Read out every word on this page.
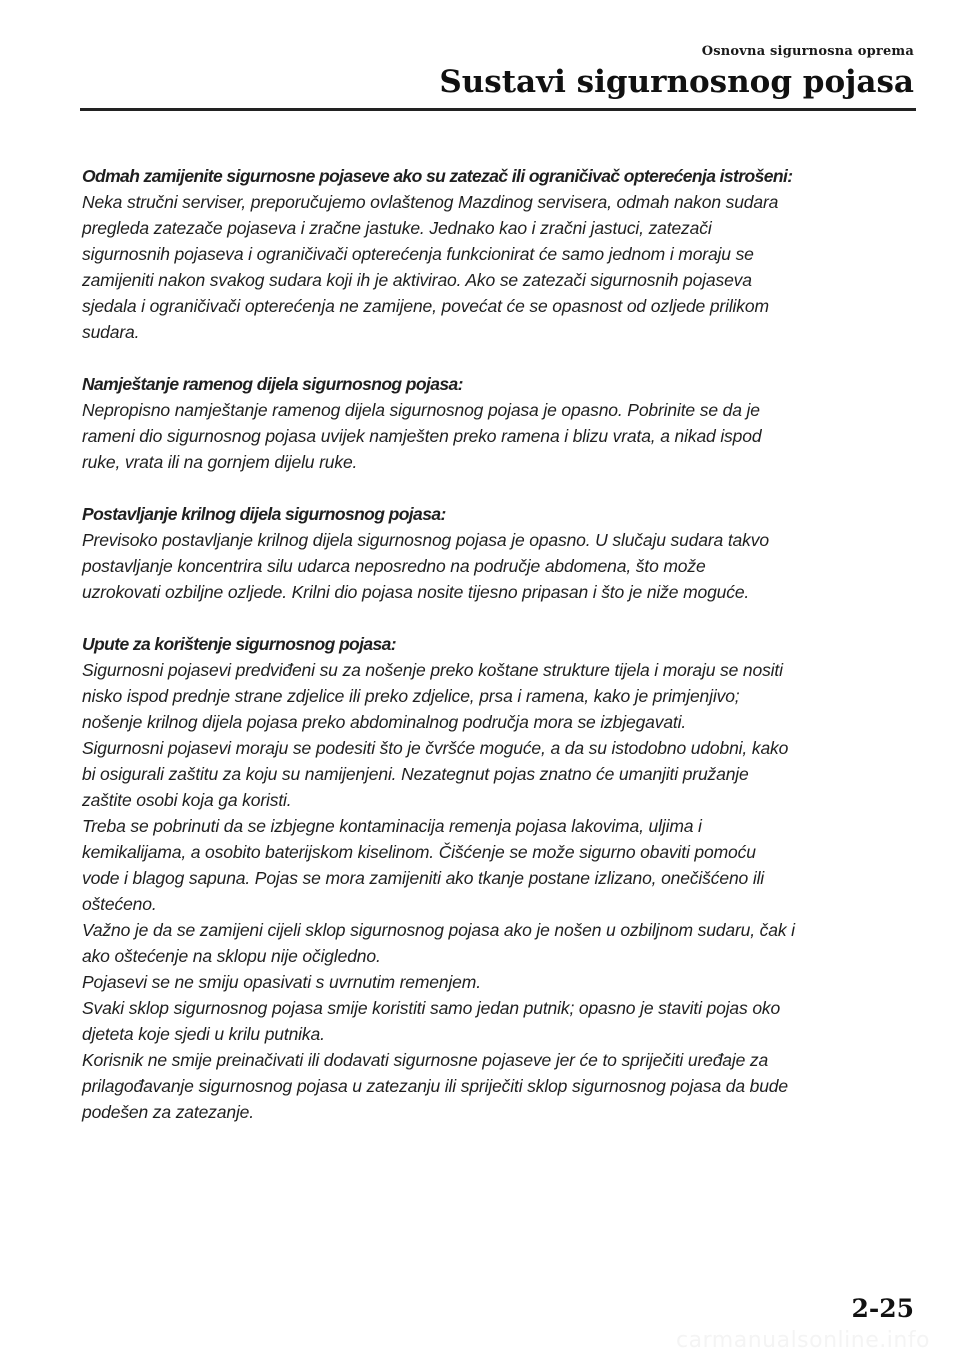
Osnovna sigurnosna oprema
Sustavi sigurnosnog pojasa
Odmah zamijenite sigurnosne pojaseve ako su zatezač ili ograničivač opterećenja istrošeni:
Neka stručni serviser, preporučujemo ovlaštenog Mazdinog servisera, odmah nakon sudara
pregleda zatezače pojaseva i zračne jastuke. Jednako kao i zračni jastuci, zatezači
sigurnosnih pojaseva i ograničivači opterećenja funkcionirat će samo jednom i moraju se
zamijeniti nakon svakog sudara koji ih je aktivirao. Ako se zatezači sigurnosnih pojaseva
sjedala i ograničivači opterećenja ne zamijene, povećat će se opasnost od ozljede prilikom
sudara.
Namještanje ramenog dijela sigurnosnog pojasa:
Nepropisno namještanje ramenog dijela sigurnosnog pojasa je opasno. Pobrinite se da je
rameni dio sigurnosnog pojasa uvijek namješten preko ramena i blizu vrata, a nikad ispod
ruke, vrata ili na gornjem dijelu ruke.
Postavljanje krilnog dijela sigurnosnog pojasa:
Previsoko postavljanje krilnog dijela sigurnosnog pojasa je opasno. U slučaju sudara takvo
postavljanje koncentrira silu udarca neposredno na područje abdomena, što može
uzrokovati ozbiljne ozljede. Krilni dio pojasa nosite tijesno pripasan i što je niže moguće.
Upute za korištenje sigurnosnog pojasa:
Sigurnosni pojasevi predviđeni su za nošenje preko koštane strukture tijela i moraju se nositi
nisko ispod prednje strane zdjelice ili preko zdjelice, prsa i ramena, kako je primjenjivo;
nošenje krilnog dijela pojasa preko abdominalnog područja mora se izbjegavati.
Sigurnosni pojasevi moraju se podesiti što je čvršće moguće, a da su istodobno udobni, kako
bi osigurali zaštitu za koju su namijenjeni. Nezategnut pojas znatno će umanjiti pružanje
zaštite osobi koja ga koristi.
Treba se pobrinuti da se izbjegne kontaminacija remenja pojasa lakovima, uljima i
kemikalijama, a osobito baterijskom kiselinom. Čišćenje se može sigurno obaviti pomoću
vode i blagog sapuna. Pojas se mora zamijeniti ako tkanje postane izlizano, onečišćeno ili
oštećeno.
Važno je da se zamijeni cijeli sklop sigurnosnog pojasa ako je nošen u ozbiljnom sudaru, čak i
ako oštećenje na sklopu nije očigledno.
Pojasevi se ne smiju opasivati s uvrnutim remenjem.
Svaki sklop sigurnosnog pojasa smije koristiti samo jedan putnik; opasno je staviti pojas oko
djeteta koje sjedi u krilu putnika.
Korisnik ne smije preinačivati ili dodavati sigurnosne pojaseve jer će to spriječiti uređaje za
prilagođavanje sigurnosnog pojasa u zatezanju ili spriječiti sklop sigurnosnog pojasa da bude
podešen za zatezanje.
2-25
carmanualsonline.info
